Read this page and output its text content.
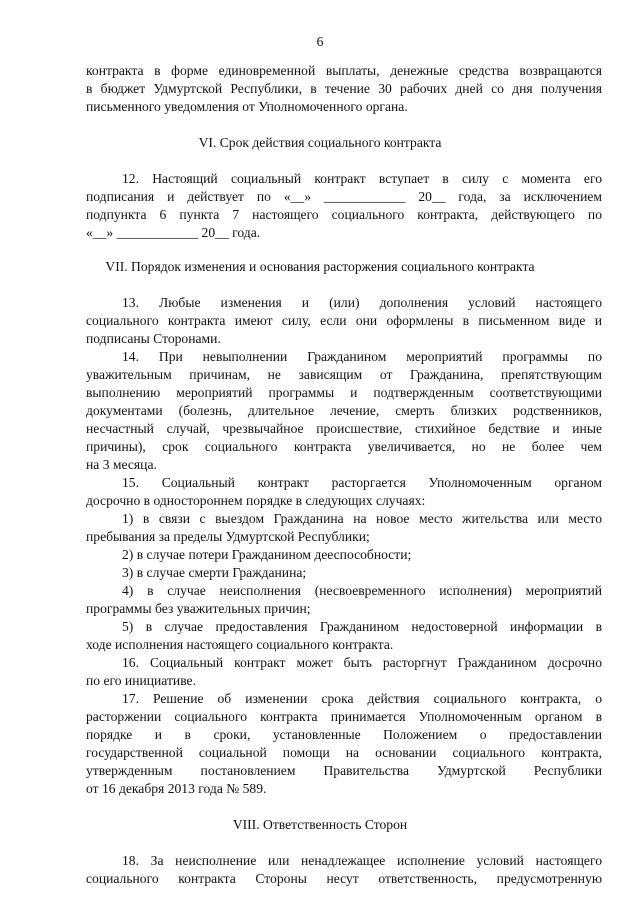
6
контракта в форме единовременной выплаты, денежные средства возвращаются
в бюджет Удмуртской Республики, в течение 30 рабочих дней со дня получения
письменного уведомления от Уполномоченного органа.
VI. Срок действия социального контракта
12. Настоящий социальный контракт вступает в силу с момента его
подписания и действует по «__» ____________ 20__ года, за исключением
подпункта 6 пункта 7 настоящего социального контракта, действующего по
«__» ____________ 20__ года.
VII. Порядок изменения и основания расторжения социального контракта
13. Любые изменения и (или) дополнения условий настоящего
социального контракта имеют силу, если они оформлены в письменном виде и
подписаны Сторонами.
14. При невыполнении Гражданином мероприятий программы по
уважительным причинам, не зависящим от Гражданина, препятствующим
выполнению мероприятий программы и подтвержденным соответствующими
документами (болезнь, длительное лечение, смерть близких родственников,
несчастный случай, чрезвычайное происшествие, стихийное бедствие и иные
причины), срок социального контракта увеличивается, но не более чем
на 3 месяца.
15. Социальный контракт расторгается Уполномоченным органом
досрочно в одностороннем порядке в следующих случаях:
1) в связи с выездом Гражданина на новое место жительства или место
пребывания за пределы Удмуртской Республики;
2) в случае потери Гражданином дееспособности;
3) в случае смерти Гражданина;
4) в случае неисполнения (несвоевременного исполнения) мероприятий
программы без уважительных причин;
5) в случае предоставления Гражданином недостоверной информации в
ходе исполнения настоящего социального контракта.
16. Социальный контракт может быть расторгнут Гражданином досрочно
по его инициативе.
17. Решение об изменении срока действия социального контракта, о
расторжении социального контракта принимается Уполномоченным органом в
порядке и в сроки, установленные Положением о предоставлении
государственной социальной помощи на основании социального контракта,
утвержденным постановлением Правительства Удмуртской Республики
от 16 декабря 2013 года № 589.
VIII. Ответственность Сторон
18. За неисполнение или ненадлежащее исполнение условий настоящего
социального контракта Стороны несут ответственность, предусмотренную
